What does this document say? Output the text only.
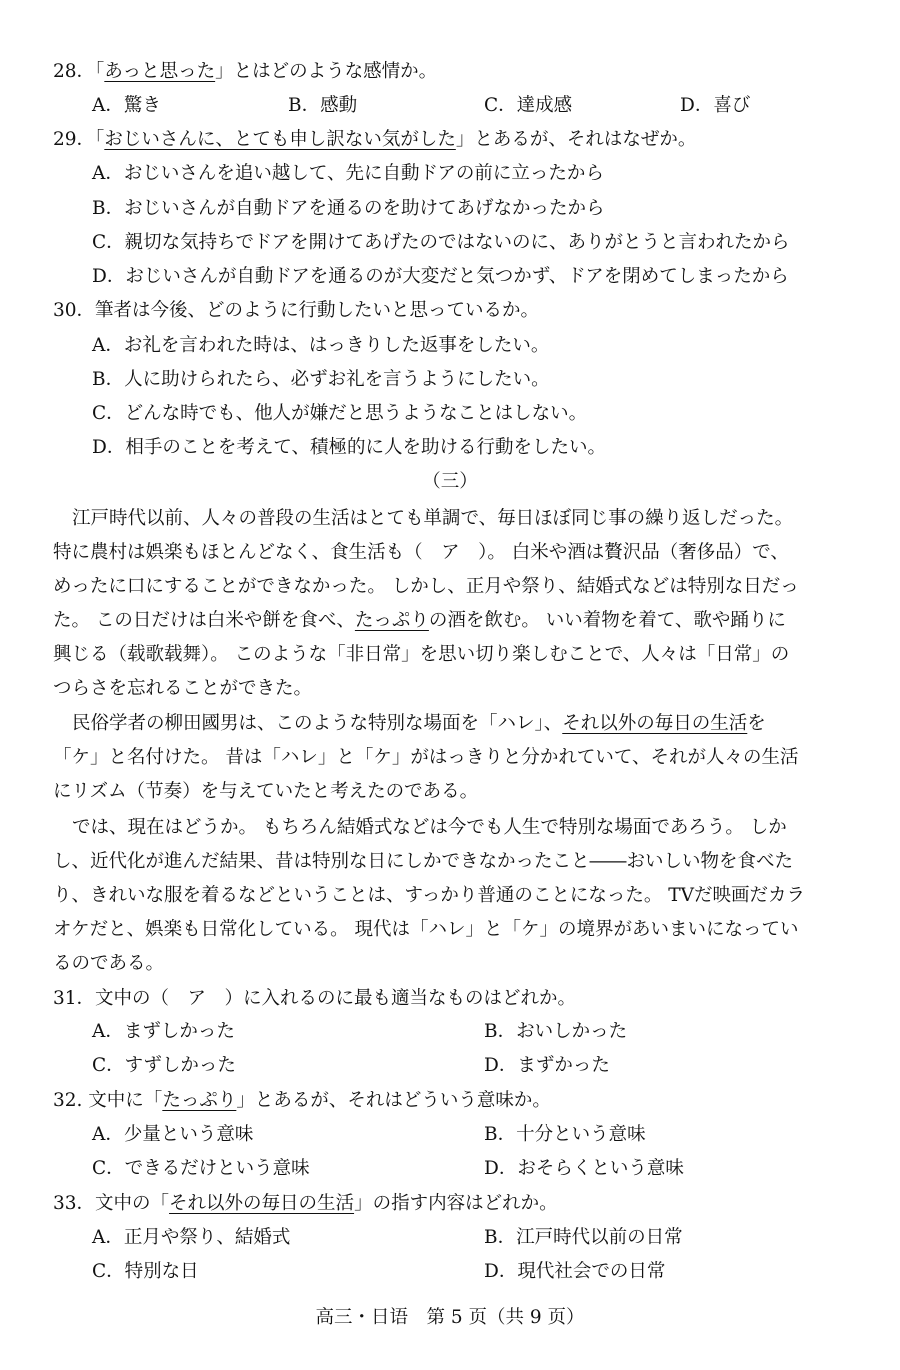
28．「あっと思った」とはどのような感情か。
A．驚き	B．感動	C．達成感	D．喜び
29．「おじいさんに、とても申し訳ない気がした」とあるが、それはなぜか。
A．おじいさんを追い越して、先に自動ドアの前に立ったから
B．おじいさんが自動ドアを通るのを助けてあげなかったから
C．親切な気持ちでドアを開けてあげたのではないのに、ありがとうと言われたから
D．おじいさんが自動ドアを通るのが大変だと気つかず、ドアを閉めてしまったから
30．筆者は今後、どのように行動したいと思っているか。
A．お礼を言われた時は、はっきりした返事をしたい。
B．人に助けられたら、必ずお礼を言うようにしたい。
C．どんな時でも、他人が嫌だと思うようなことはしない。
D．相手のことを考えて、積極的に人を助ける行動をしたい。
（三）
江戸時代以前、人々の普段の生活はとても単調で、毎日ほぼ同じ事の繰り返しだった。
特に農村は娯楽もほとんどなく、食生活も（　ア　）。 白米や酒は贅沢品（奢侈品）で、
めったに口にすることができなかった。 しかし、正月や祭り、結婚式などは特別な日だっ
た。 この日だけは白米や餅を食べ、たっぷりの酒を飲む。 いい着物を着て、歌や踊りに
興じる（载歌载舞）。 このような「非日常」を思い切り楽しむことで、人々は「日常」の
つらさを忘れることができた。
民俗学者の柳田國男は、このような特別な場面を「ハレ」、それ以外の毎日の生活を
「ケ」と名付けた。 昔は「ハレ」と「ケ」がはっきりと分かれていて、それが人々の生活
にリズム（节奏）を与えていたと考えたのである。
では、現在はどうか。 もちろん結婚式などは今でも人生で特別な場面であろう。 しか
し、近代化が進んだ結果、昔は特別な日にしかできなかったこと――おいしい物を食べた
り、きれいな服を着るなどということは、すっかり普通のことになった。 TVだ映画だカラ
オケだと、娯楽も日常化している。 現代は「ハレ」と「ケ」の境界があいまいになってい
るのである。
31．文中の（　ア　）に入れるのに最も適当なものはどれか。
A．まずしかった	B．おいしかった
C．すずしかった	D．まずかった
32. 文中に「たっぷり」とあるが、それはどういう意味か。
A．少量という意味	B．十分という意味
C．できるだけという意味	D．おそらくという意味
33．文中の「それ以外の毎日の生活」の指す内容はどれか。
A．正月や祭り、結婚式	B．江戸時代以前の日常
C．特別な日	D．現代社会での日常
高三・日语　第 5 页（共 9 页）
